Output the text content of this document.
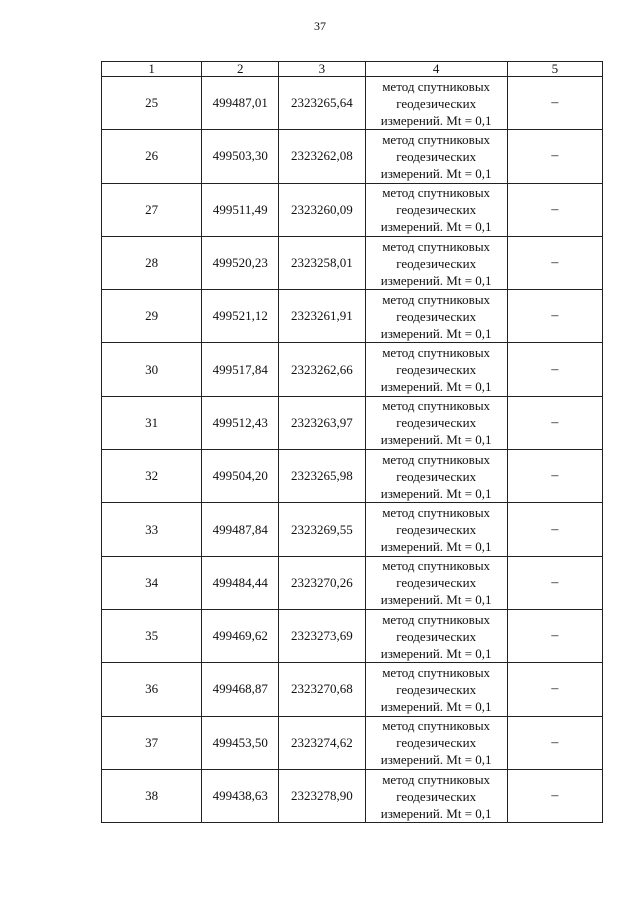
37
1	2	3	4	5
25	499487,01	2323265,64	метод спутниковых
геодезических
измерений. Mt = 0,1	–
26	499503,30	2323262,08	метод спутниковых
геодезических
измерений. Mt = 0,1	–
27	499511,49	2323260,09	метод спутниковых
геодезических
измерений. Mt = 0,1	–
28	499520,23	2323258,01	метод спутниковых
геодезических
измерений. Mt = 0,1	–
29	499521,12	2323261,91	метод спутниковых
геодезических
измерений. Mt = 0,1	–
30	499517,84	2323262,66	метод спутниковых
геодезических
измерений. Mt = 0,1	–
31	499512,43	2323263,97	метод спутниковых
геодезических
измерений. Mt = 0,1	–
32	499504,20	2323265,98	метод спутниковых
геодезических
измерений. Mt = 0,1	–
33	499487,84	2323269,55	метод спутниковых
геодезических
измерений. Mt = 0,1	–
34	499484,44	2323270,26	метод спутниковых
геодезических
измерений. Mt = 0,1	–
35	499469,62	2323273,69	метод спутниковых
геодезических
измерений. Mt = 0,1	–
36	499468,87	2323270,68	метод спутниковых
геодезических
измерений. Mt = 0,1	–
37	499453,50	2323274,62	метод спутниковых
геодезических
измерений. Mt = 0,1	–
38	499438,63	2323278,90	метод спутниковых
геодезических
измерений. Mt = 0,1	–
